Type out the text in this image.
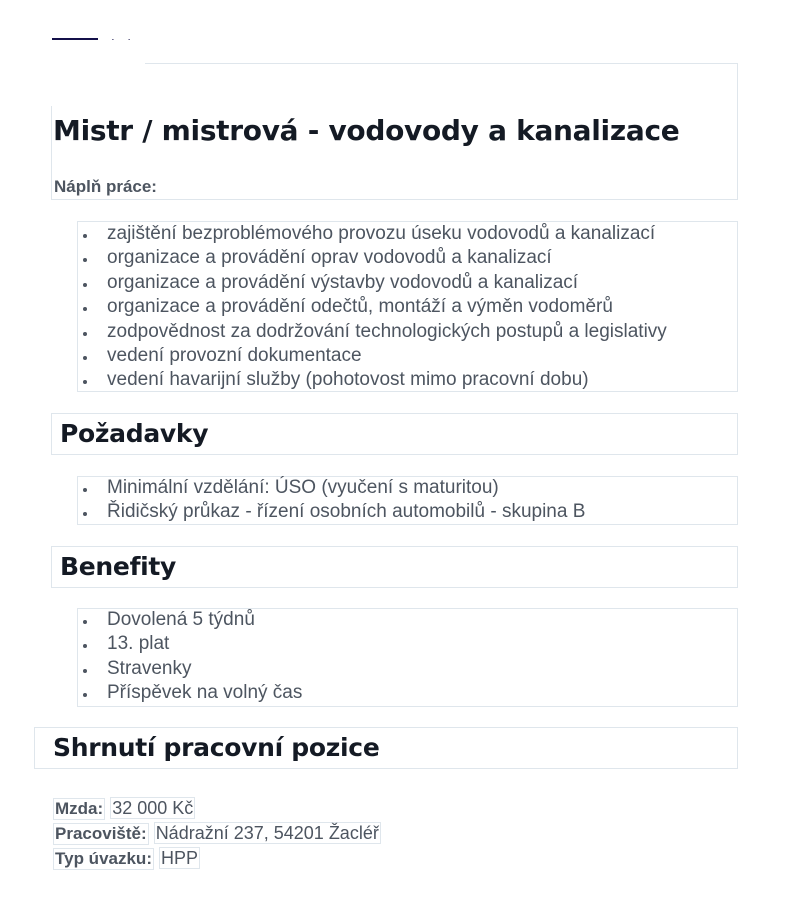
Mistr / mistrová - vodovody a kanalizace
Náplň práce:
zajištění bezproblémového provozu úseku vodovodů a kanalizací
organizace a provádění oprav vodovodů a kanalizací
organizace a provádění výstavby vodovodů a kanalizací
organizace a provádění odečtů, montáží a výměn vodoměrů
zodpovědnost za dodržování technologických postupů a legislativy
vedení provozní dokumentace
vedení havarijní služby (pohotovost mimo pracovní dobu)
Požadavky
Minimální vzdělání: ÚSO (vyučení s maturitou)
Řidičský průkaz - řízení osobních automobilů - skupina B
Benefity
Dovolená 5 týdnů
13. plat
Stravenky
Příspěvek na volný čas
Shrnutí pracovní pozice
Mzda: 32 000 Kč
Pracoviště: Nádražní 237, 54201 Žacléř
Typ úvazku: HPP
